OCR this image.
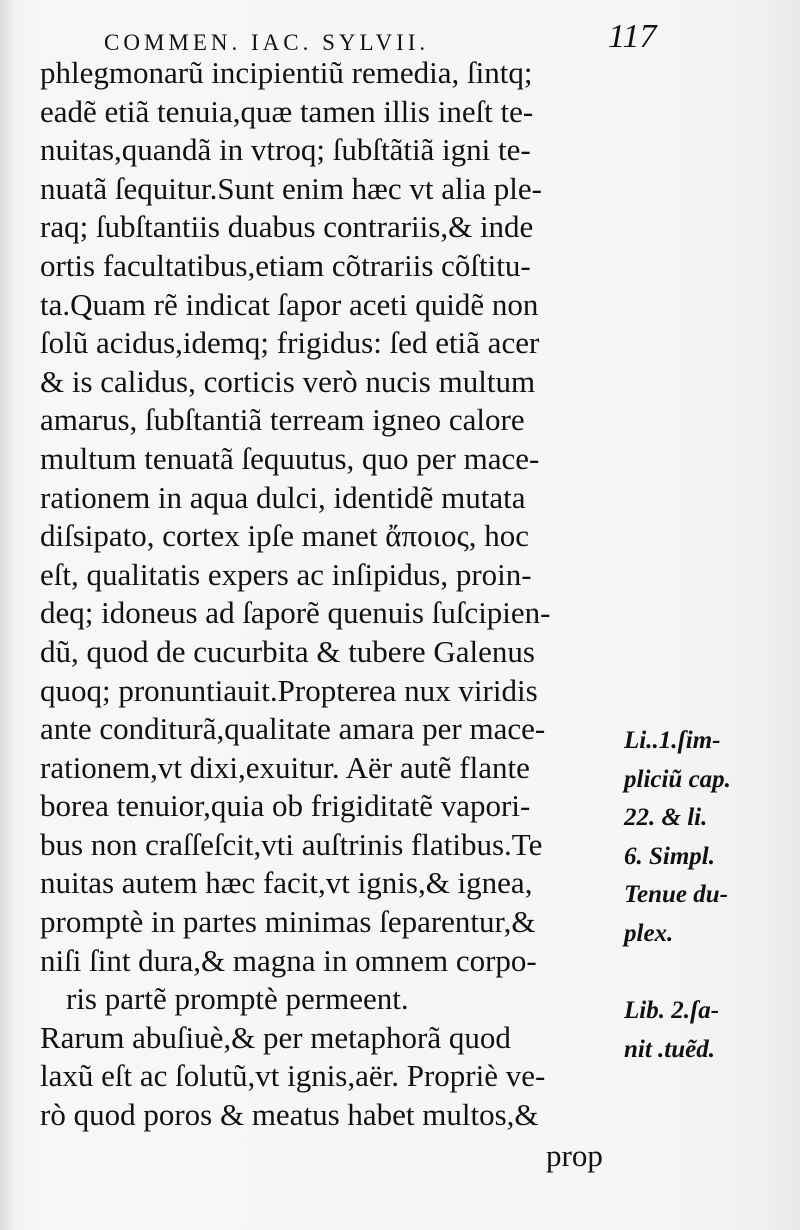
COMMEN. IAC. SYLVII.	117
phlegmonarũ incipientiũ remedia, ſintq;
eadẽ etiã tenuia,quæ tamen illis ineſt te-
nuitas,quandã in vtroq; ſubſtãtiã igni te-
nuatã ſequitur.Sunt enim hæc vt alia ple-
raq; ſubſtantiis duabus contrariis,& inde
ortis facultatibus,etiam cõtrariis cõſtitu-
ta.Quam rẽ indicat ſapor aceti quidẽ non
ſolũ acidus,idemq; frigidus: ſed etiã acer
& is calidus, corticis verò nucis multum
amarus, ſubſtantiã terream igneo calore
multum tenuatã ſequutus, quo per mace-
rationem in aqua dulci, identidẽ mutata
diſsipato, cortex ipſe manet ἄποιος, hoc
eſt, qualitatis expers ac inſipidus, proin-
deq; idoneus ad ſaporẽ quenuis ſuſcipien-
dũ, quod de cucurbita & tubere Galenus
quoq; pronuntiauit.Propterea nux viridis
ante conditurã,qualitate amara per mace-
rationem,vt dixi,exuitur. Aër autẽ flante
borea tenuior,quia ob frigiditatẽ vapori-
bus non craſſeſcit,vti auſtrinis flatibus.Te
nuitas autem hæc facit,vt ignis,& ignea,
promptè in partes minimas ſeparentur,&
niſi ſint dura,& magna in omnem corpo-
ris partẽ promptè permeent.
Rarum abuſiuè,& per metaphorã quod
laxũ eſt ac ſolutũ,vt ignis,aër. Propriè ve-
rò quod poros & meatus habet multos,&
prop
Li..1.ſim-
pliciũ cap.
22. & li.
6. Simpl.
Tenue du-
plex.
Lib. 2.ſa-
nit .tuẽd.
